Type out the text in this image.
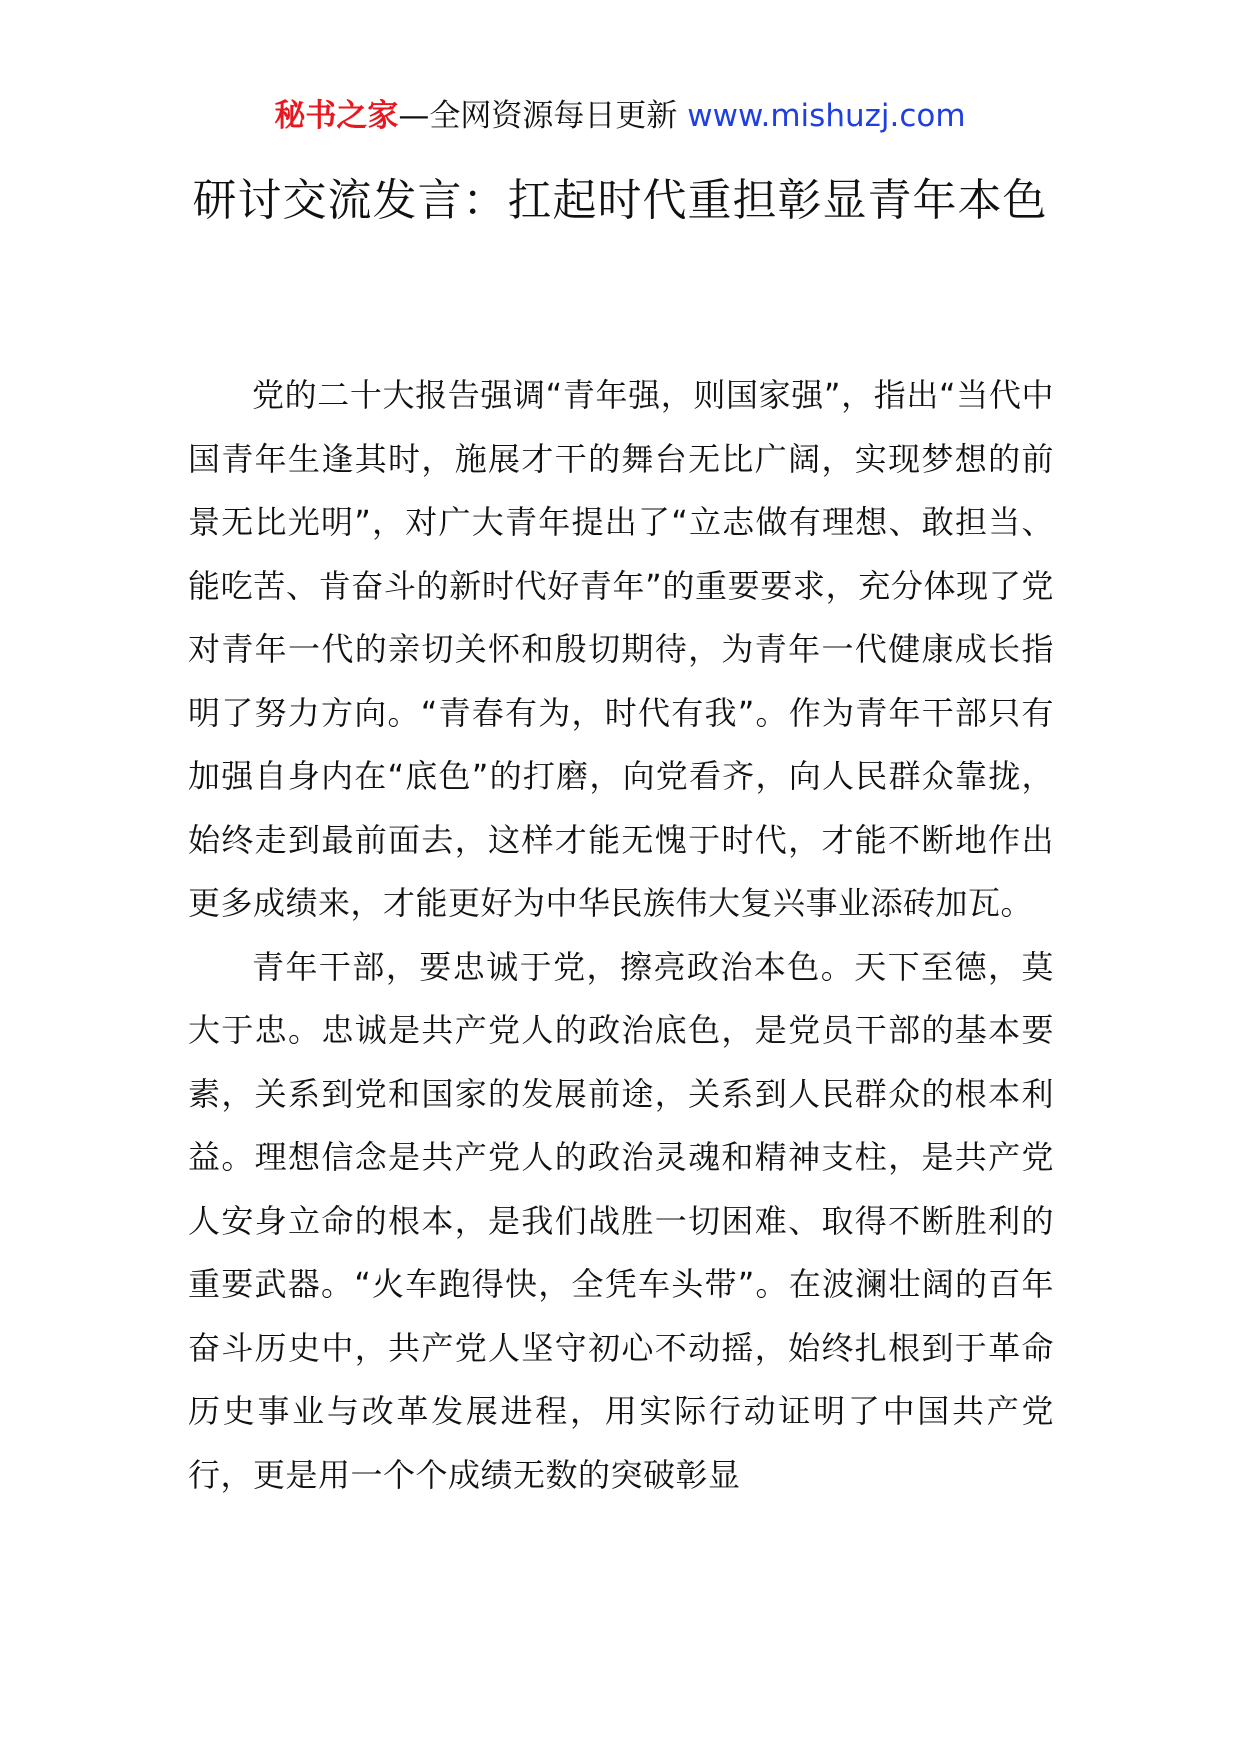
秘书之家—全网资源每日更新 www.mishuzj.com
研讨交流发言：扛起时代重担彰显青年本色

党的二十大报告强调“青年强，则国家强”，指出“当代中国青年生逢其时，施展才干的舞台无比广阔，实现梦想的前景无比光明”，对广大青年提出了“立志做有理想、敢担当、能吃苦、肯奋斗的新时代好青年”的重要要求，充分体现了党对青年一代的亲切关怀和殷切期待，为青年一代健康成长指明了努力方向。“青春有为，时代有我”。作为青年干部只有加强自身内在“底色”的打磨，向党看齐，向人民群众靠拢，始终走到最前面去，这样才能无愧于时代，才能不断地作出更多成绩来，才能更好为中华民族伟大复兴事业添砖加瓦。

青年干部，要忠诚于党，擦亮政治本色。天下至德，莫大于忠。忠诚是共产党人的政治底色，是党员干部的基本要素，关系到党和国家的发展前途，关系到人民群众的根本利益。理想信念是共产党人的政治灵魂和精神支柱，是共产党人安身立命的根本，是我们战胜一切困难、取得不断胜利的重要武器。“火车跑得快，全凭车头带”。在波澜壮阔的百年奋斗历史中，共产党人坚守初心不动摇，始终扎根到于革命历史事业与改革发展进程，用实际行动证明了中国共产党行，更是用一个个成绩无数的突破彰显
